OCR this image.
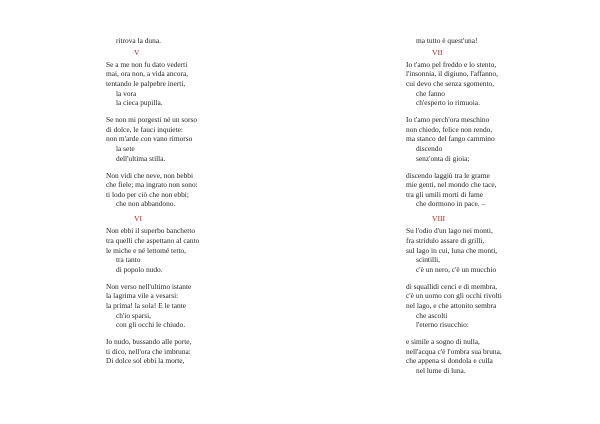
ritrova la duna.
V
Se a me non fu dato vederti
mai, ora non, a vida ancora,
tentando le palpebre inerti,
la vora
la cieca pupilla.
Se non mi porgesti né un sorso
di dolce, le fauci inquiete:
non m'arde con vano rimorso
la sete
dell'ultima stilla.
Non vidi che neve, non bebbi
che fiele; ma ingrato non sono:
ti lodo per ciò che non ebbi;
che non abbandono.
VI
Non ebbi il superbo banchetto
tra quelli che aspettano al canto
le miche e né lettomé tetto,
tra tanto
di popolo nudo.
Non verso nell'ultimo istante
la lagrima vile a vesarsi:
la prima! la sola! E le tante
ch'io sparsi,
con gli occhi le chiudo.
Io nudo, bussando alle porte,
ti dico, nell'ora che imbruna:
Di dolce sol ebbi la morte,
ma tutto è quest'una!
VII
Io t'amo pel freddo e lo stento,
l'insonnia, il digiuno, l'affanno,
cui devo che senza sgomento,
che fanno
ch'esperto io rimuoia.
Io t'amo perch'ora meschino
non chiedo, felice non rendo,
ma stanco del fango cammino
discendo
senz'onta di gioia;
discendo laggiù tra le grame
mie genti, nel mondo che tace,
tra gli umili morti di fame
che dormono in pace. –
VIII
Su l'odio d'un lago nei monti,
fra stridulo assare di grilli,
sul lago in cui, luna che monti,
scintilli,
c'è un nero, c'è un mucchio
di squallidi cenci e di membra,
c'è un uomo con gli occhi rivolti
nel lago, e che attonito sembra
che ascolti
l'eterno risucchio:
e simile a sogno di nulla,
nell'acqua c'è l'ombra sua bruna,
che appena si dondola e culla
nel lume di luna.
